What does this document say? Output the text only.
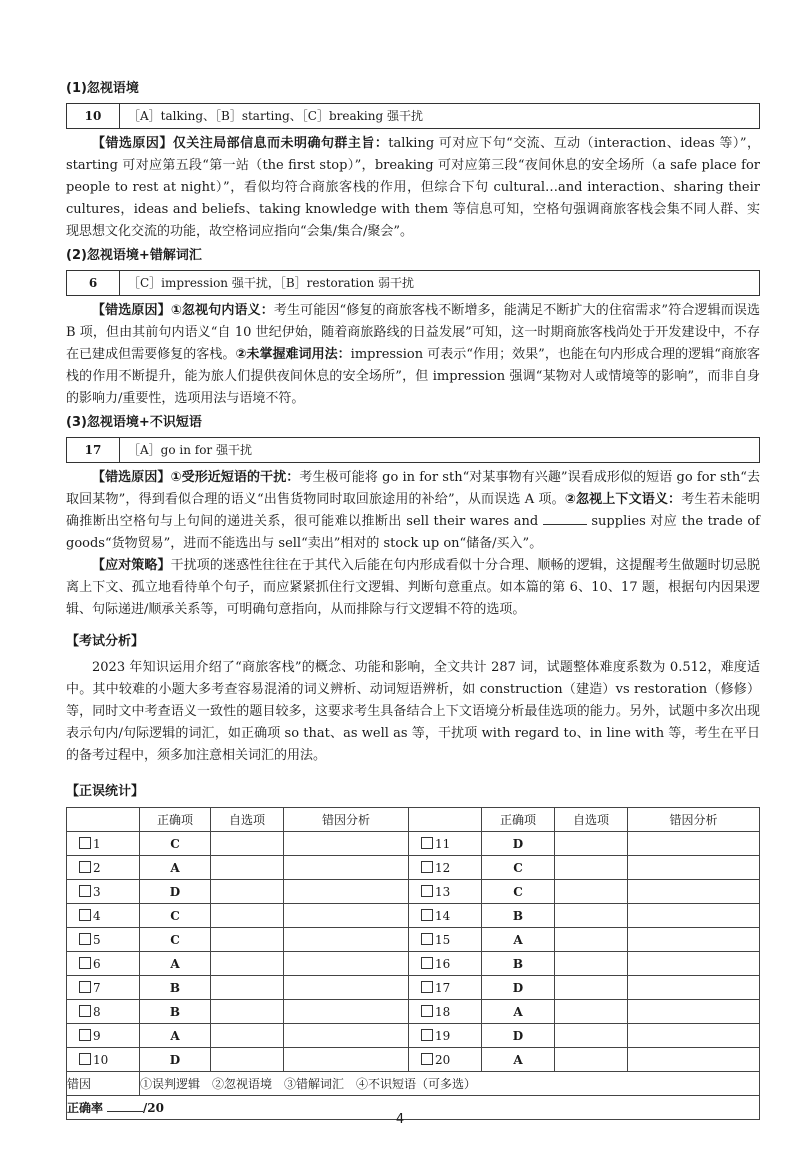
(1)忽视语境
10	［A］talking、［B］starting、［C］breaking 强干扰

【错选原因】仅关注局部信息而未明确句群主旨：talking 可对应下句“交流、互动（interaction、ideas 等）”，starting 可对应第五段“第一站（the first stop）”，breaking 可对应第三段“夜间休息的安全场所（a safe place for people to rest at night）”，看似均符合商旅客栈的作用，但综合下句 cultural…and interaction、sharing their cultures，ideas and beliefs、taking knowledge with them 等信息可知，空格句强调商旅客栈会集不同人群、实现思想文化交流的功能，故空格词应指向“会集/集合/聚会”。

(2)忽视语境+错解词汇
6	［C］impression 强干扰，［B］restoration 弱干扰

【错选原因】①忽视句内语义：考生可能因“修复的商旅客栈不断增多，能满足不断扩大的住宿需求”符合逻辑而误选 B 项，但由其前句内语义“自 10 世纪伊始，随着商旅路线的日益发展”可知，这一时期商旅客栈尚处于开发建设中，不存在已建成但需要修复的客栈。②未掌握难词用法：impression 可表示“作用；效果”，也能在句内形成合理的逻辑“商旅客栈的作用不断提升，能为旅人们提供夜间休息的安全场所”，但 impression 强调“某物对人或情境等的影响”，而非自身的影响力/重要性，选项用法与语境不符。

(3)忽视语境+不识短语
17	［A］go in for 强干扰

【错选原因】①受形近短语的干扰：考生极可能将 go in for sth“对某事物有兴趣”误看成形似的短语 go for sth“去取回某物”，得到看似合理的语义“出售货物同时取回旅途用的补给”，从而误选 A 项。②忽视上下文语义：考生若未能明确推断出空格句与上句间的递进关系，很可能难以推断出 sell their wares and	supplies 对应 the trade of goods“货物贸易”，进而不能选出与 sell“卖出”相对的 stock up on“储备/买入”。

【应对策略】干扰项的迷惑性往往在于其代入后能在句内形成看似十分合理、顺畅的逻辑，这提醒考生做题时切忌脱离上下文、孤立地看待单个句子，而应紧紧抓住行文逻辑、判断句意重点。如本篇的第 6、10、17 题，根据句内因果逻辑、句际递进/顺承关系等，可明确句意指向，从而排除与行文逻辑不符的选项。

【考试分析】

2023 年知识运用介绍了“商旅客栈”的概念、功能和影响，全文共计 287 词，试题整体难度系数为 0.512，难度适中。其中较难的小题大多考查容易混淆的词义辨析、动词短语辨析，如 construction（建造）vs restoration（修修）等，同时文中考查语义一致性的题目较多，这要求考生具备结合上下文语境分析最佳选项的能力。另外，试题中多次出现表示句内/句际逻辑的词汇，如正确项 so that、as well as 等，干扰项 with regard to、in line with 等，考生在平日的备考过程中，须多加注意相关词汇的用法。

【正误统计】
	正确项	自选项	错因分析		正确项	自选项	错因分析
1	C			11	D		
2	A			12	C		
3	D			13	C		
4	C			14	B		
5	C			15	A		
6	A			16	B		
7	B			17	D		
8	B			18	A		
9	A			19	D		
10	D			20	A		
错因	①误判逻辑　②忽视语境　③错解词汇　④不识短语（可多选）						
正确率 /20							
4
